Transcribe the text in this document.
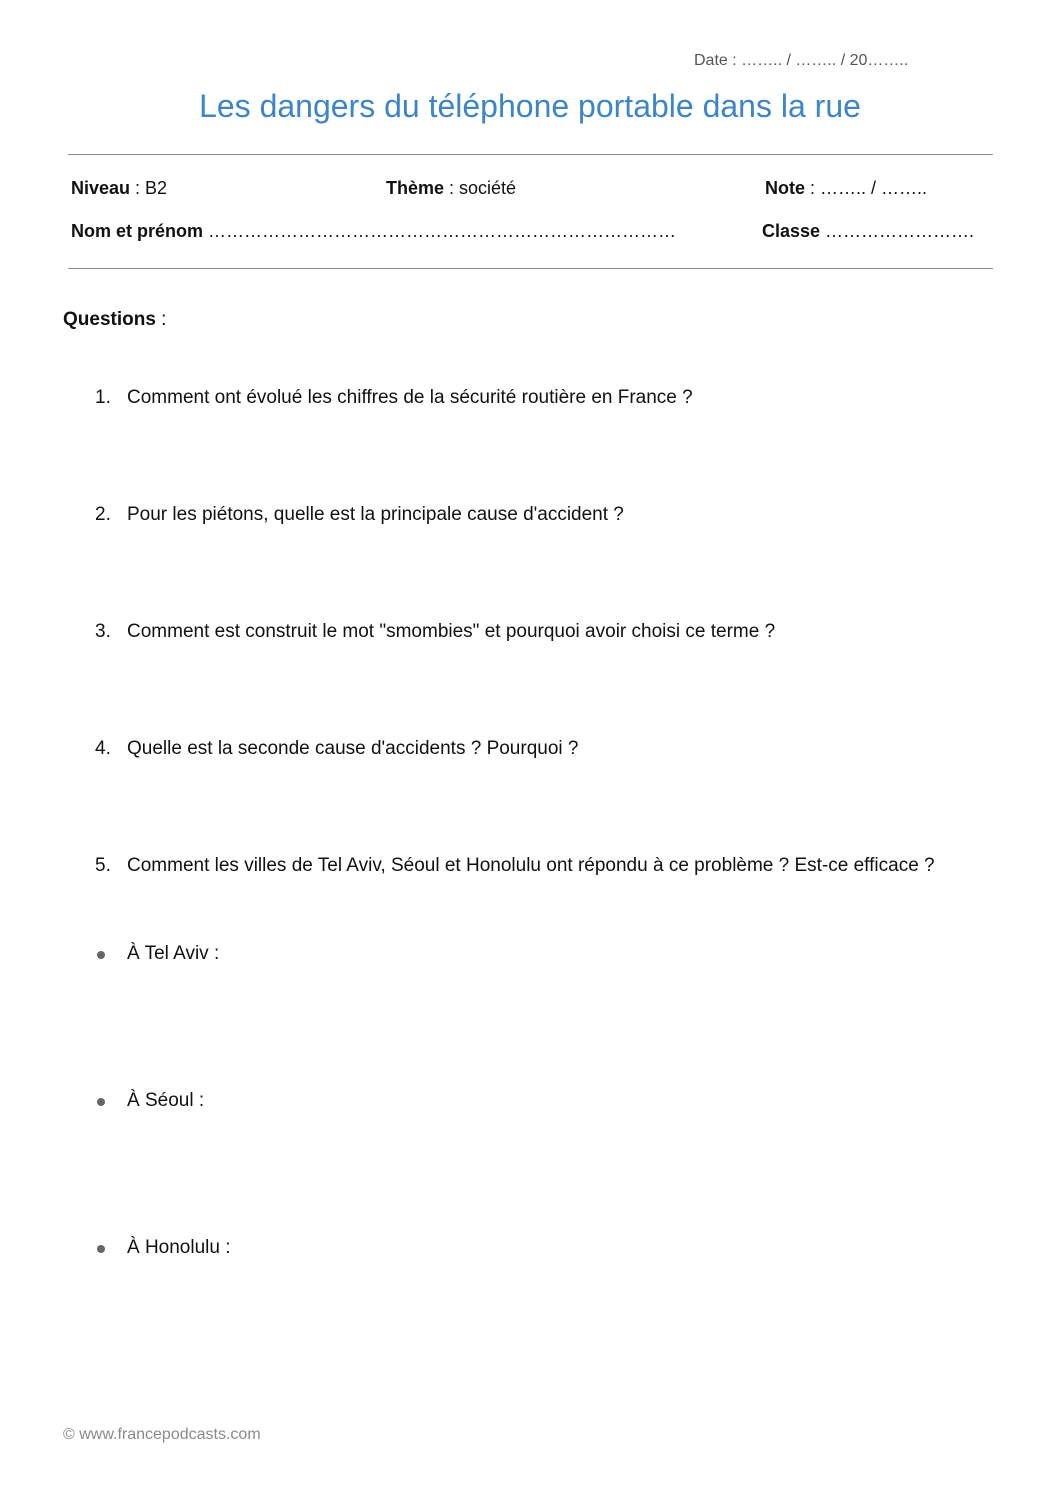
Date : …….. / …….. / 20……..
Les dangers du téléphone portable dans la rue
Niveau : B2	Thème : société	Note : …….. / ……..
Nom et prénom ……………………………………………………………………	Classe …………………….
Questions :
1. Comment ont évolué les chiffres de la sécurité routière en France ?
2. Pour les piétons, quelle est la principale cause d'accident ?
3. Comment est construit le mot "smombies" et pourquoi avoir choisi ce terme ?
4. Quelle est la seconde cause d'accidents ? Pourquoi ?
5. Comment les villes de Tel Aviv, Séoul et Honolulu ont répondu à ce problème ? Est-ce efficace ?
À Tel Aviv :
À Séoul :
À Honolulu :
© www.francepodcasts.com
